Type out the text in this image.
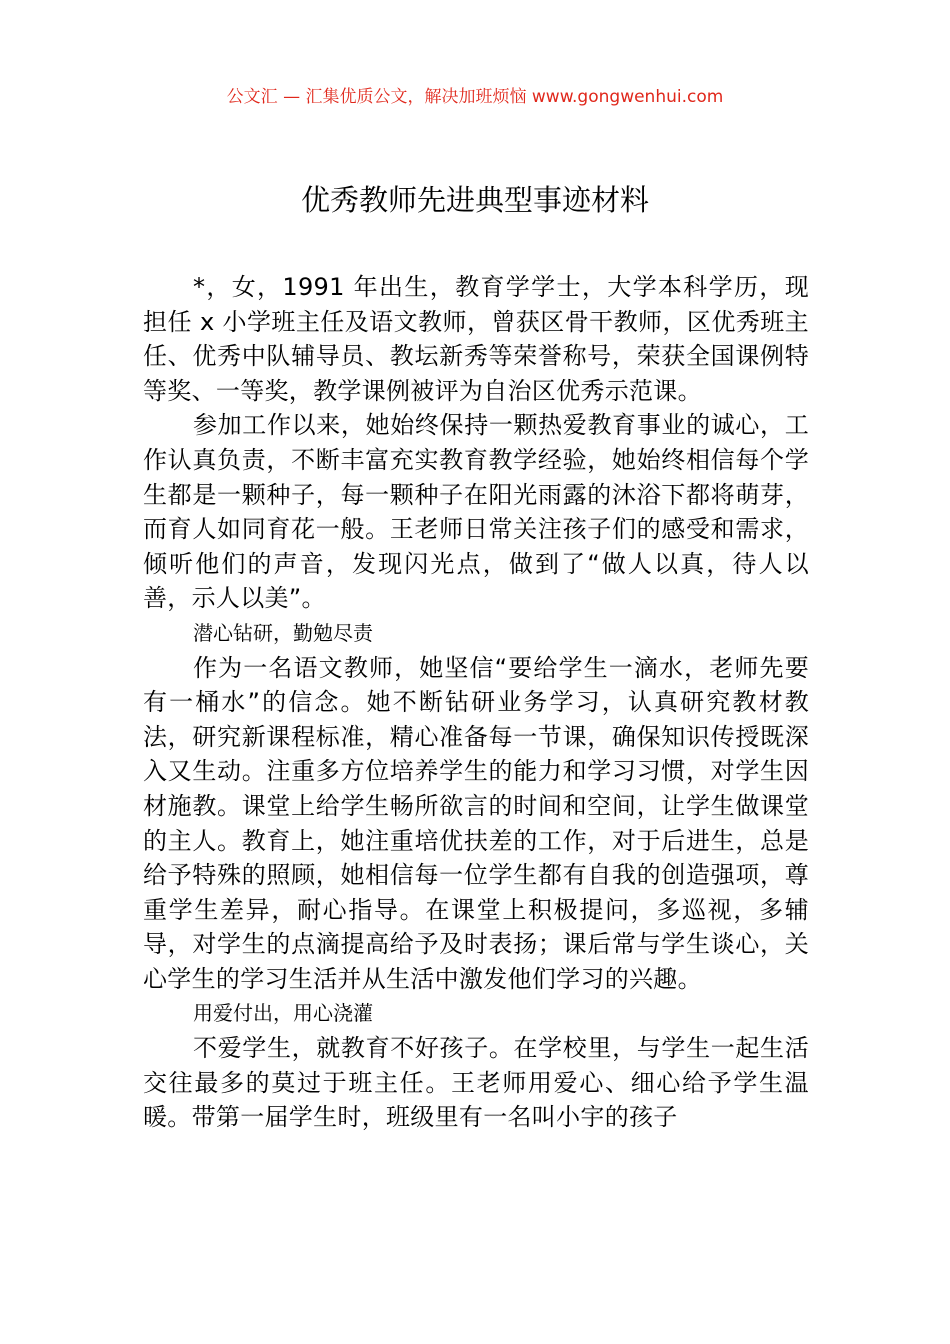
公文汇 — 汇集优质公文，解决加班烦恼 www.gongwenhui.com
优秀教师先进典型事迹材料

*，女，1991 年出生，教育学学士，大学本科学历，现担任 x 小学班主任及语文教师，曾获区骨干教师，区优秀班主任、优秀中队辅导员、教坛新秀等荣誉称号，荣获全国课例特等奖、一等奖，教学课例被评为自治区优秀示范课。

参加工作以来，她始终保持一颗热爱教育事业的诚心，工作认真负责，不断丰富充实教育教学经验，她始终相信每个学生都是一颗种子，每一颗种子在阳光雨露的沐浴下都将萌芽，而育人如同育花一般。王老师日常关注孩子们的感受和需求，倾听他们的声音，发现闪光点，做到了“做人以真，待人以善，示人以美”。

潜心钻研，勤勉尽责

作为一名语文教师，她坚信“要给学生一滴水，老师先要有一桶水”的信念。她不断钻研业务学习，认真研究教材教法，研究新课程标准，精心准备每一节课，确保知识传授既深入又生动。注重多方位培养学生的能力和学习习惯，对学生因材施教。课堂上给学生畅所欲言的时间和空间，让学生做课堂的主人。教育上，她注重培优扶差的工作，对于后进生，总是给予特殊的照顾，她相信每一位学生都有自我的创造强项，尊重学生差异，耐心指导。在课堂上积极提问，多巡视，多辅导，对学生的点滴提高给予及时表扬；课后常与学生谈心，关心学生的学习生活并从生活中激发他们学习的兴趣。

用爱付出，用心浇灌

不爱学生，就教育不好孩子。在学校里，与学生一起生活交往最多的莫过于班主任。王老师用爱心、细心给予学生温暖。带第一届学生时，班级里有一名叫小宇的孩子
